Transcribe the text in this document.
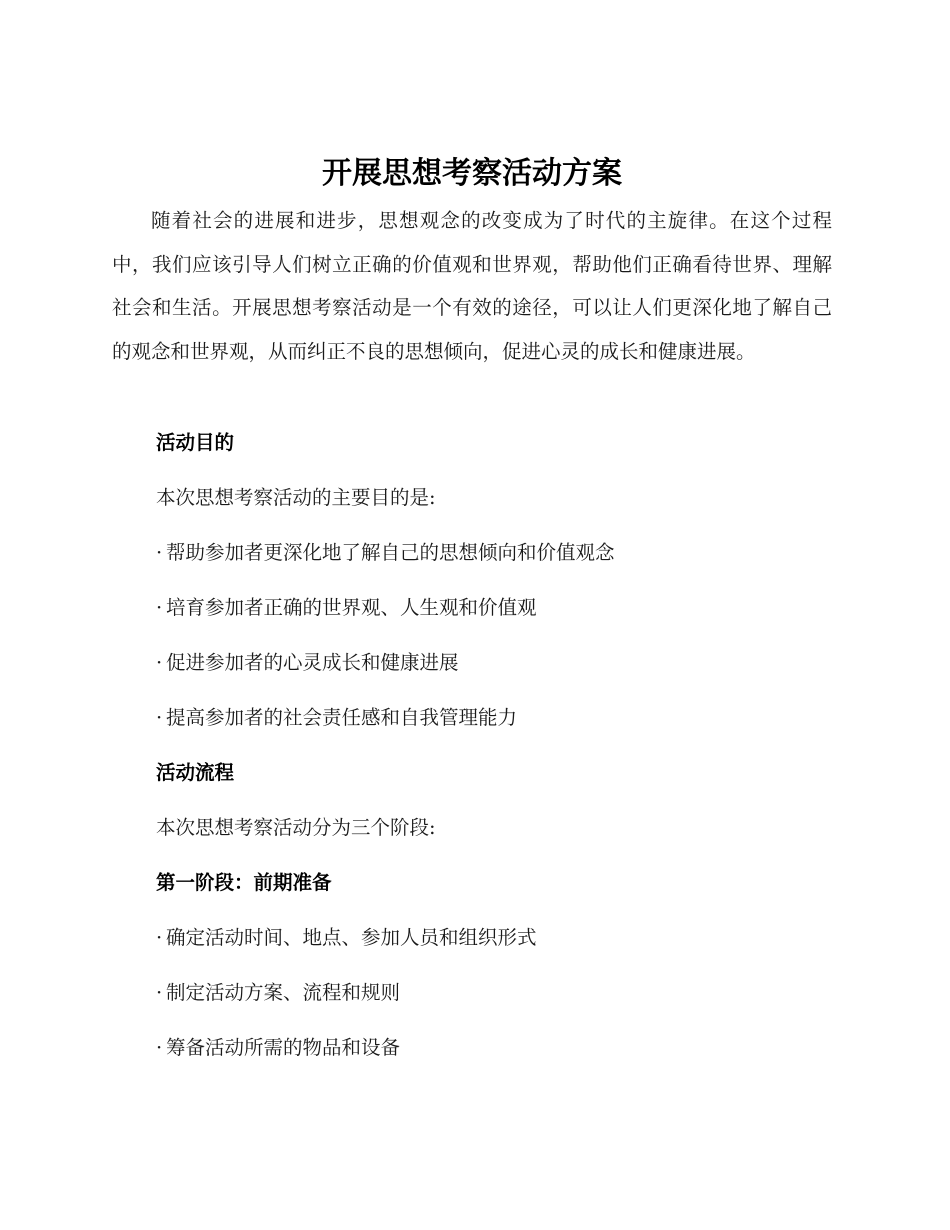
开展思想考察活动方案

随着社会的进展和进步，思想观念的改变成为了时代的主旋律。在这个过程中，我们应该引导人们树立正确的价值观和世界观，帮助他们正确看待世界、理解社会和生活。开展思想考察活动是一个有效的途径，可以让人们更深化地了解自己的观念和世界观，从而纠正不良的思想倾向，促进心灵的成长和健康进展。

活动目的

本次思想考察活动的主要目的是:

· 帮助参加者更深化地了解自己的思想倾向和价值观念

· 培育参加者正确的世界观、人生观和价值观

· 促进参加者的心灵成长和健康进展

· 提高参加者的社会责任感和自我管理能力

活动流程

本次思想考察活动分为三个阶段:

第一阶段：前期准备

· 确定活动时间、地点、参加人员和组织形式

· 制定活动方案、流程和规则

· 筹备活动所需的物品和设备
